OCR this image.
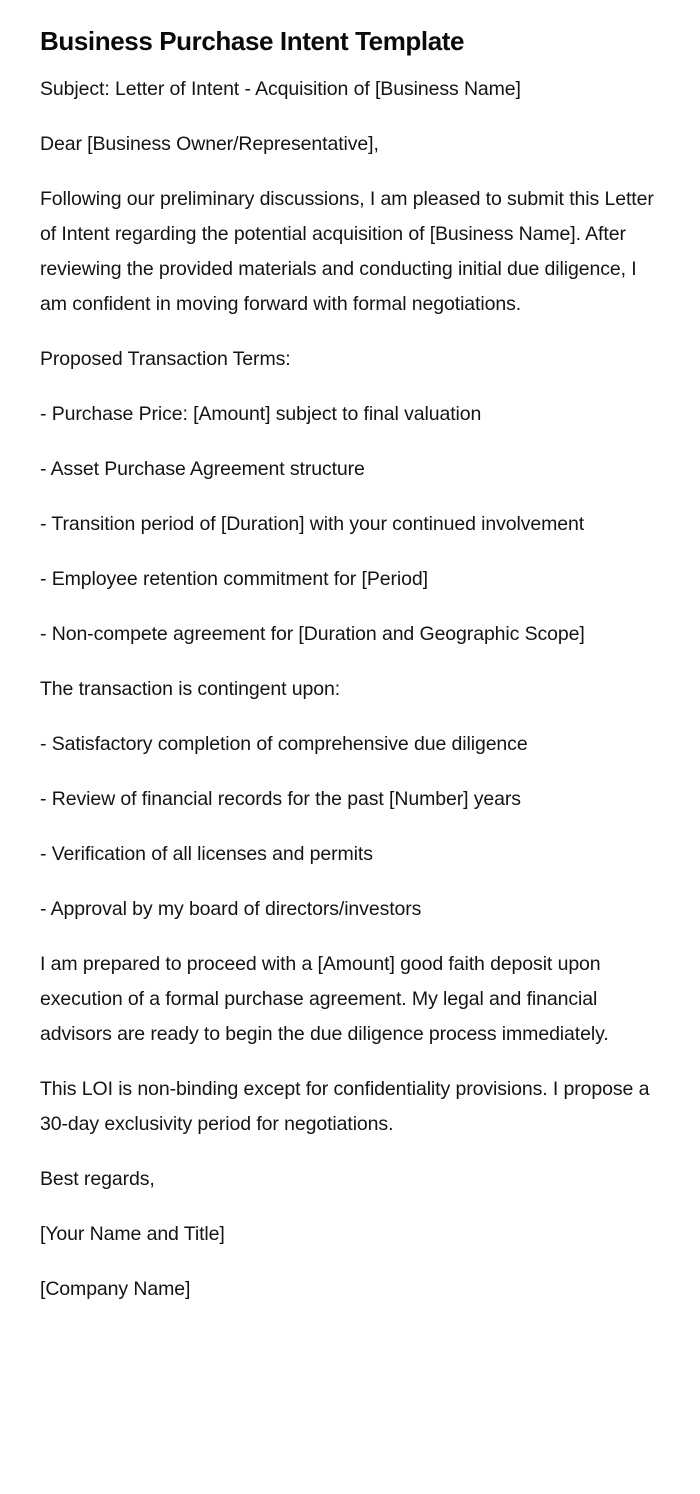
Business Purchase Intent Template

Subject: Letter of Intent - Acquisition of [Business Name]

Dear [Business Owner/Representative],

Following our preliminary discussions, I am pleased to submit this Letter of Intent regarding the potential acquisition of [Business Name]. After reviewing the provided materials and conducting initial due diligence, I am confident in moving forward with formal negotiations.

Proposed Transaction Terms:

- Purchase Price: [Amount] subject to final valuation

- Asset Purchase Agreement structure

- Transition period of [Duration] with your continued involvement

- Employee retention commitment for [Period]

- Non-compete agreement for [Duration and Geographic Scope]

The transaction is contingent upon:

- Satisfactory completion of comprehensive due diligence

- Review of financial records for the past [Number] years

- Verification of all licenses and permits

- Approval by my board of directors/investors

I am prepared to proceed with a [Amount] good faith deposit upon execution of a formal purchase agreement. My legal and financial advisors are ready to begin the due diligence process immediately.

This LOI is non-binding except for confidentiality provisions. I propose a 30-day exclusivity period for negotiations.

Best regards,

[Your Name and Title]

[Company Name]
